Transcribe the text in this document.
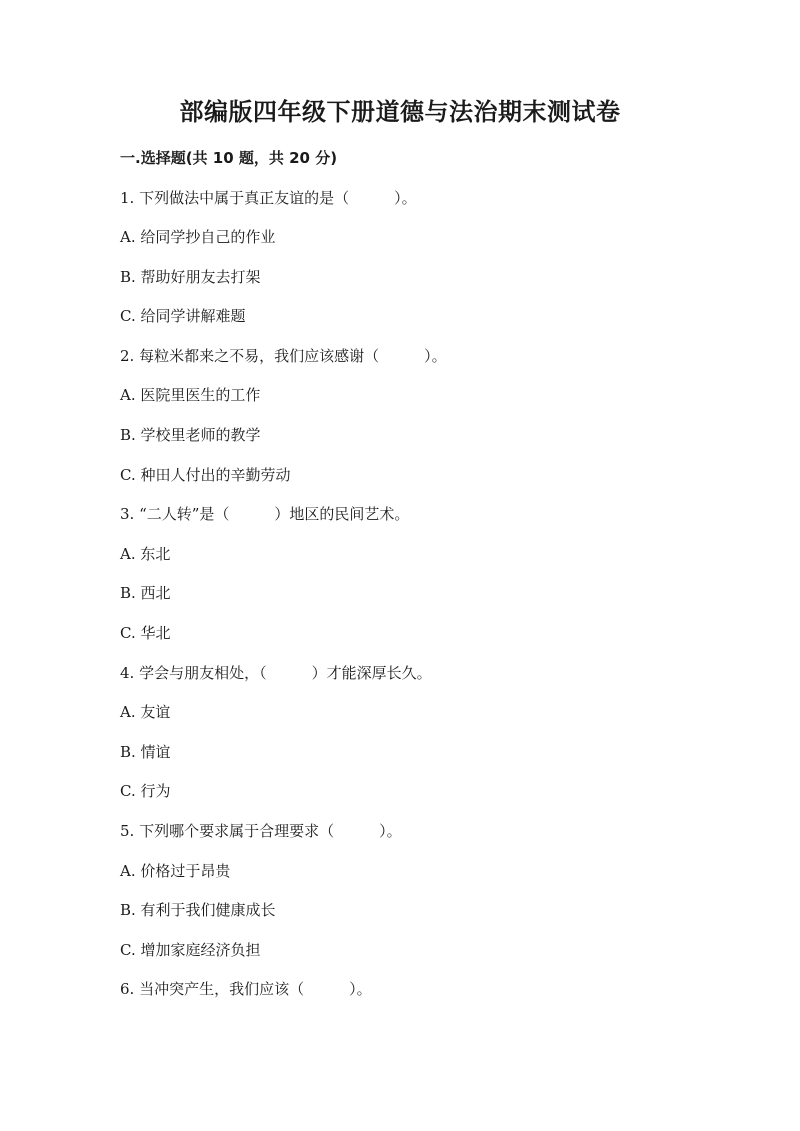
部编版四年级下册道德与法治期末测试卷
一.选择题(共 10 题，共 20 分)
1. 下列做法中属于真正友谊的是（　　　）。
A. 给同学抄自己的作业
B. 帮助好朋友去打架
C. 给同学讲解难题
2. 每粒米都来之不易，我们应该感谢（　　　）。
A. 医院里医生的工作
B. 学校里老师的教学
C. 种田人付出的辛勤劳动
3. “二人转”是（　　　）地区的民间艺术。
A. 东北
B. 西北
C. 华北
4. 学会与朋友相处，（　　　）才能深厚长久。
A. 友谊
B. 情谊
C. 行为
5. 下列哪个要求属于合理要求（　　　）。
A. 价格过于昂贵
B. 有利于我们健康成长
C. 增加家庭经济负担
6. 当冲突产生，我们应该（　　　）。
